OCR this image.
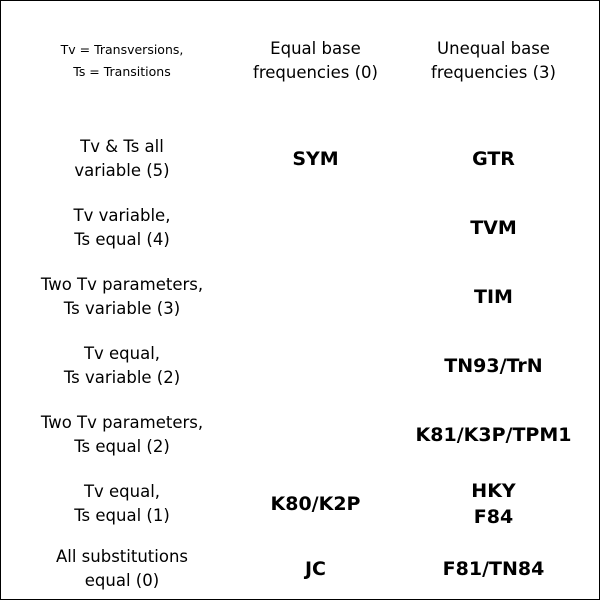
Tv = Transversions,
Ts = Transitions
Equal base
frequencies (0)
Unequal base
frequencies (3)
Tv & Ts all
variable (5)
SYM	GTR
Tv variable,
Ts equal (4)
TVM
Two Tv parameters,
Ts variable (3)
TIM
Tv equal,
Ts variable (2)
TN93/TrN
Two Tv parameters,
Ts equal (2)
K81/K3P/TPM1
Tv equal,
Ts equal (1)
K80/K2P
HKY
F84
All substitutions
equal (0)
JC	F81/TN84
